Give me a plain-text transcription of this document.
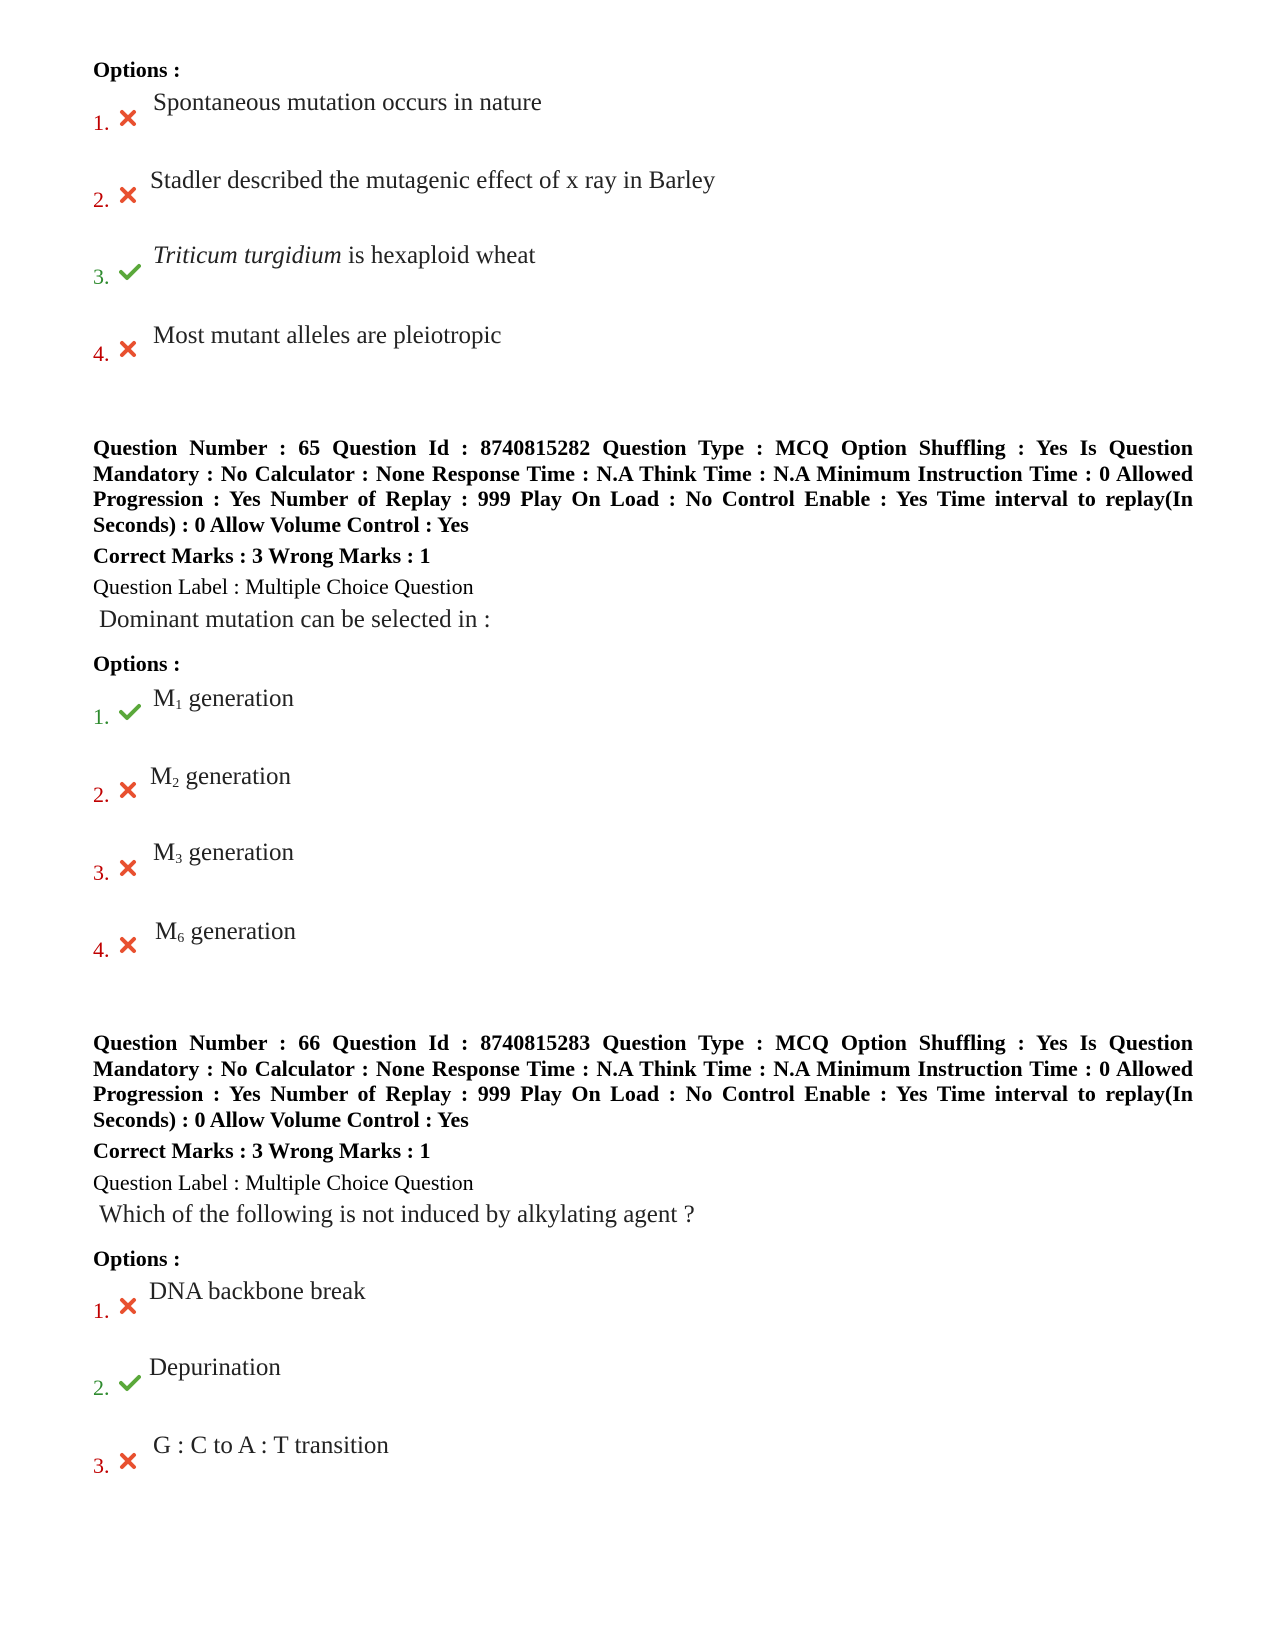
Options :
1.
Spontaneous mutation occurs in nature
2.
Stadler described the mutagenic effect of x ray in Barley
3.
Triticum turgidium is hexaploid wheat
4.
Most mutant alleles are pleiotropic
Question Number : 65 Question Id : 8740815282 Question Type : MCQ Option Shuffling : Yes Is Question Mandatory : No Calculator : None Response Time : N.A Think Time : N.A Minimum Instruction Time : 0 Allowed Progression : Yes Number of Replay : 999 Play On Load : No Control Enable : Yes Time interval to replay(In Seconds) : 0 Allow Volume Control : Yes
Correct Marks : 3 Wrong Marks : 1
Question Label : Multiple Choice Question
Dominant mutation can be selected in :
Options :
1.
$M_1$ generation
2.
$M_2$ generation
3.
$M_3$ generation
4.
$M_6$ generation
Question Number : 66 Question Id : 8740815283 Question Type : MCQ Option Shuffling : Yes Is Question Mandatory : No Calculator : None Response Time : N.A Think Time : N.A Minimum Instruction Time : 0 Allowed Progression : Yes Number of Replay : 999 Play On Load : No Control Enable : Yes Time interval to replay(In Seconds) : 0 Allow Volume Control : Yes
Correct Marks : 3 Wrong Marks : 1
Question Label : Multiple Choice Question
Which of the following is not induced by alkylating agent ?
Options :
1.
DNA backbone break
2.
Depurination
3.
G : C to A : T transition
